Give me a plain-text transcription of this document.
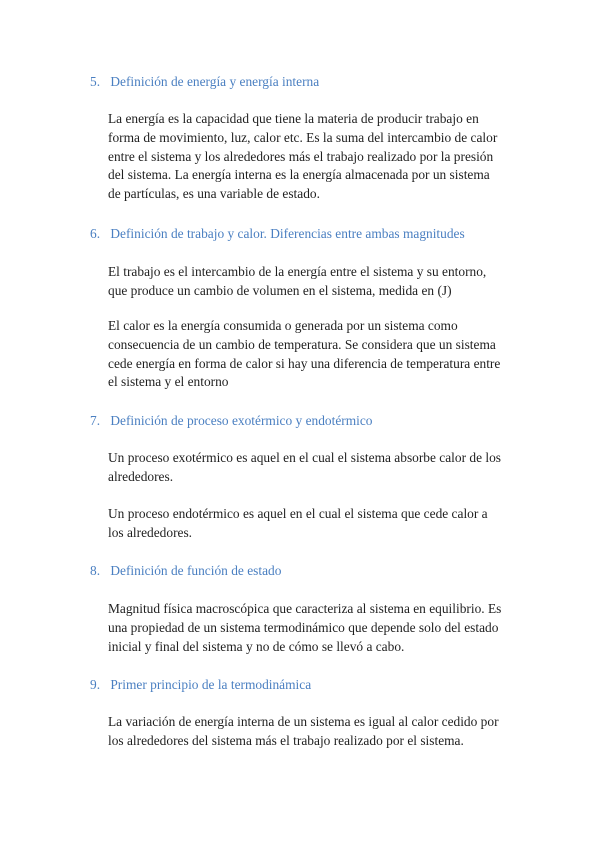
5. Definición de energía y energía interna
La energía es la capacidad que tiene la materia de producir trabajo en
forma de movimiento, luz, calor etc. Es la suma del intercambio de calor
entre el sistema y los alrededores más el trabajo realizado por la presión
del sistema. La energía interna es la energía almacenada por un sistema
de partículas, es una variable de estado.
6. Definición de trabajo y calor. Diferencias entre ambas magnitudes
El trabajo es el intercambio de la energía entre el sistema y su entorno,
que produce un cambio de volumen en el sistema, medida en (J)
El calor es la energía consumida o generada por un sistema como
consecuencia de un cambio de temperatura. Se considera que un sistema
cede energía en forma de calor si hay una diferencia de temperatura entre
el sistema y el entorno
7. Definición de proceso exotérmico y endotérmico
Un proceso exotérmico es aquel en el cual el sistema absorbe calor de los
alrededores.
Un proceso endotérmico es aquel en el cual el sistema que cede calor a
los alrededores.
8. Definición de función de estado
Magnitud física macroscópica que caracteriza al sistema en equilibrio. Es
una propiedad de un sistema termodinámico que depende solo del estado
inicial y final del sistema y no de cómo se llevó a cabo.
9. Primer principio de la termodinámica
La variación de energía interna de un sistema es igual al calor cedido por
los alrededores del sistema más el trabajo realizado por el sistema.
